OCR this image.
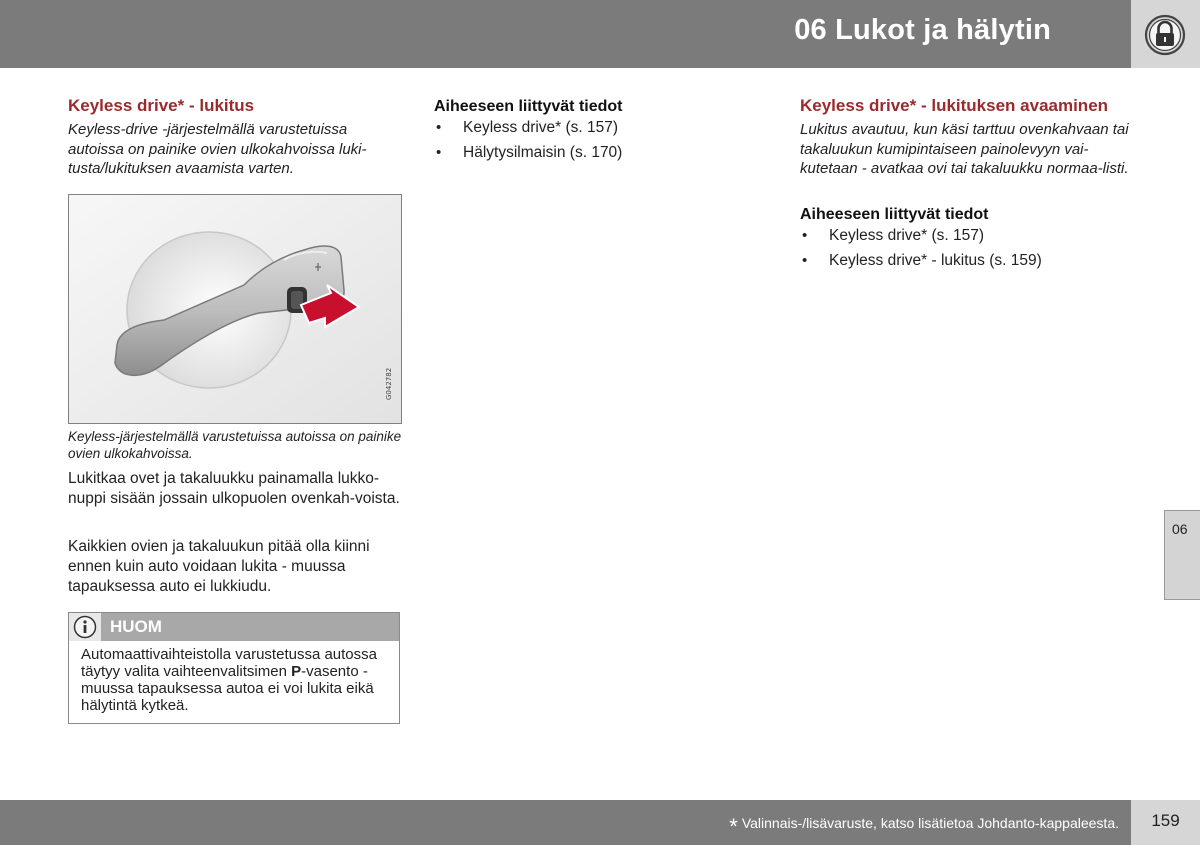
06 Lukot ja hälytin
06
Keyless drive* - lukitus
Keyless-drive -järjestelmällä varustetuissa autoissa on painike ovien ulkokahvoissa luki-tusta/lukituksen avaamista varten.
G042782
Keyless-järjestelmällä varustetuissa autoissa on painike ovien ulkokahvoissa.
Lukitkaa ovet ja takaluukku painamalla lukko-nuppi sisään jossain ulkopuolen ovenkah-voista.
Kaikkien ovien ja takaluukun pitää olla kiinni ennen kuin auto voidaan lukita - muussa tapauksessa auto ei lukkiudu.
HUOM
Automaattivaihteistolla varustetussa autossa täytyy valita vaihteenvalitsimen P-vasento - muussa tapauksessa autoa ei voi lukita eikä hälytintä kytkeä.
Aiheeseen liittyvät tiedot
• Keyless drive* (s. 157)
• Hälytysilmaisin (s. 170)
Keyless drive* - lukituksen avaaminen
Lukitus avautuu, kun käsi tarttuu ovenkahvaan tai takaluukun kumipintaiseen painolevyyn vai-kutetaan - avatkaa ovi tai takaluukku normaa-listi.
Aiheeseen liittyvät tiedot
• Keyless drive* (s. 157)
• Keyless drive* - lukitus (s. 159)
* Valinnais-/lisävaruste, katso lisätietoa Johdanto-kappaleesta.	159
